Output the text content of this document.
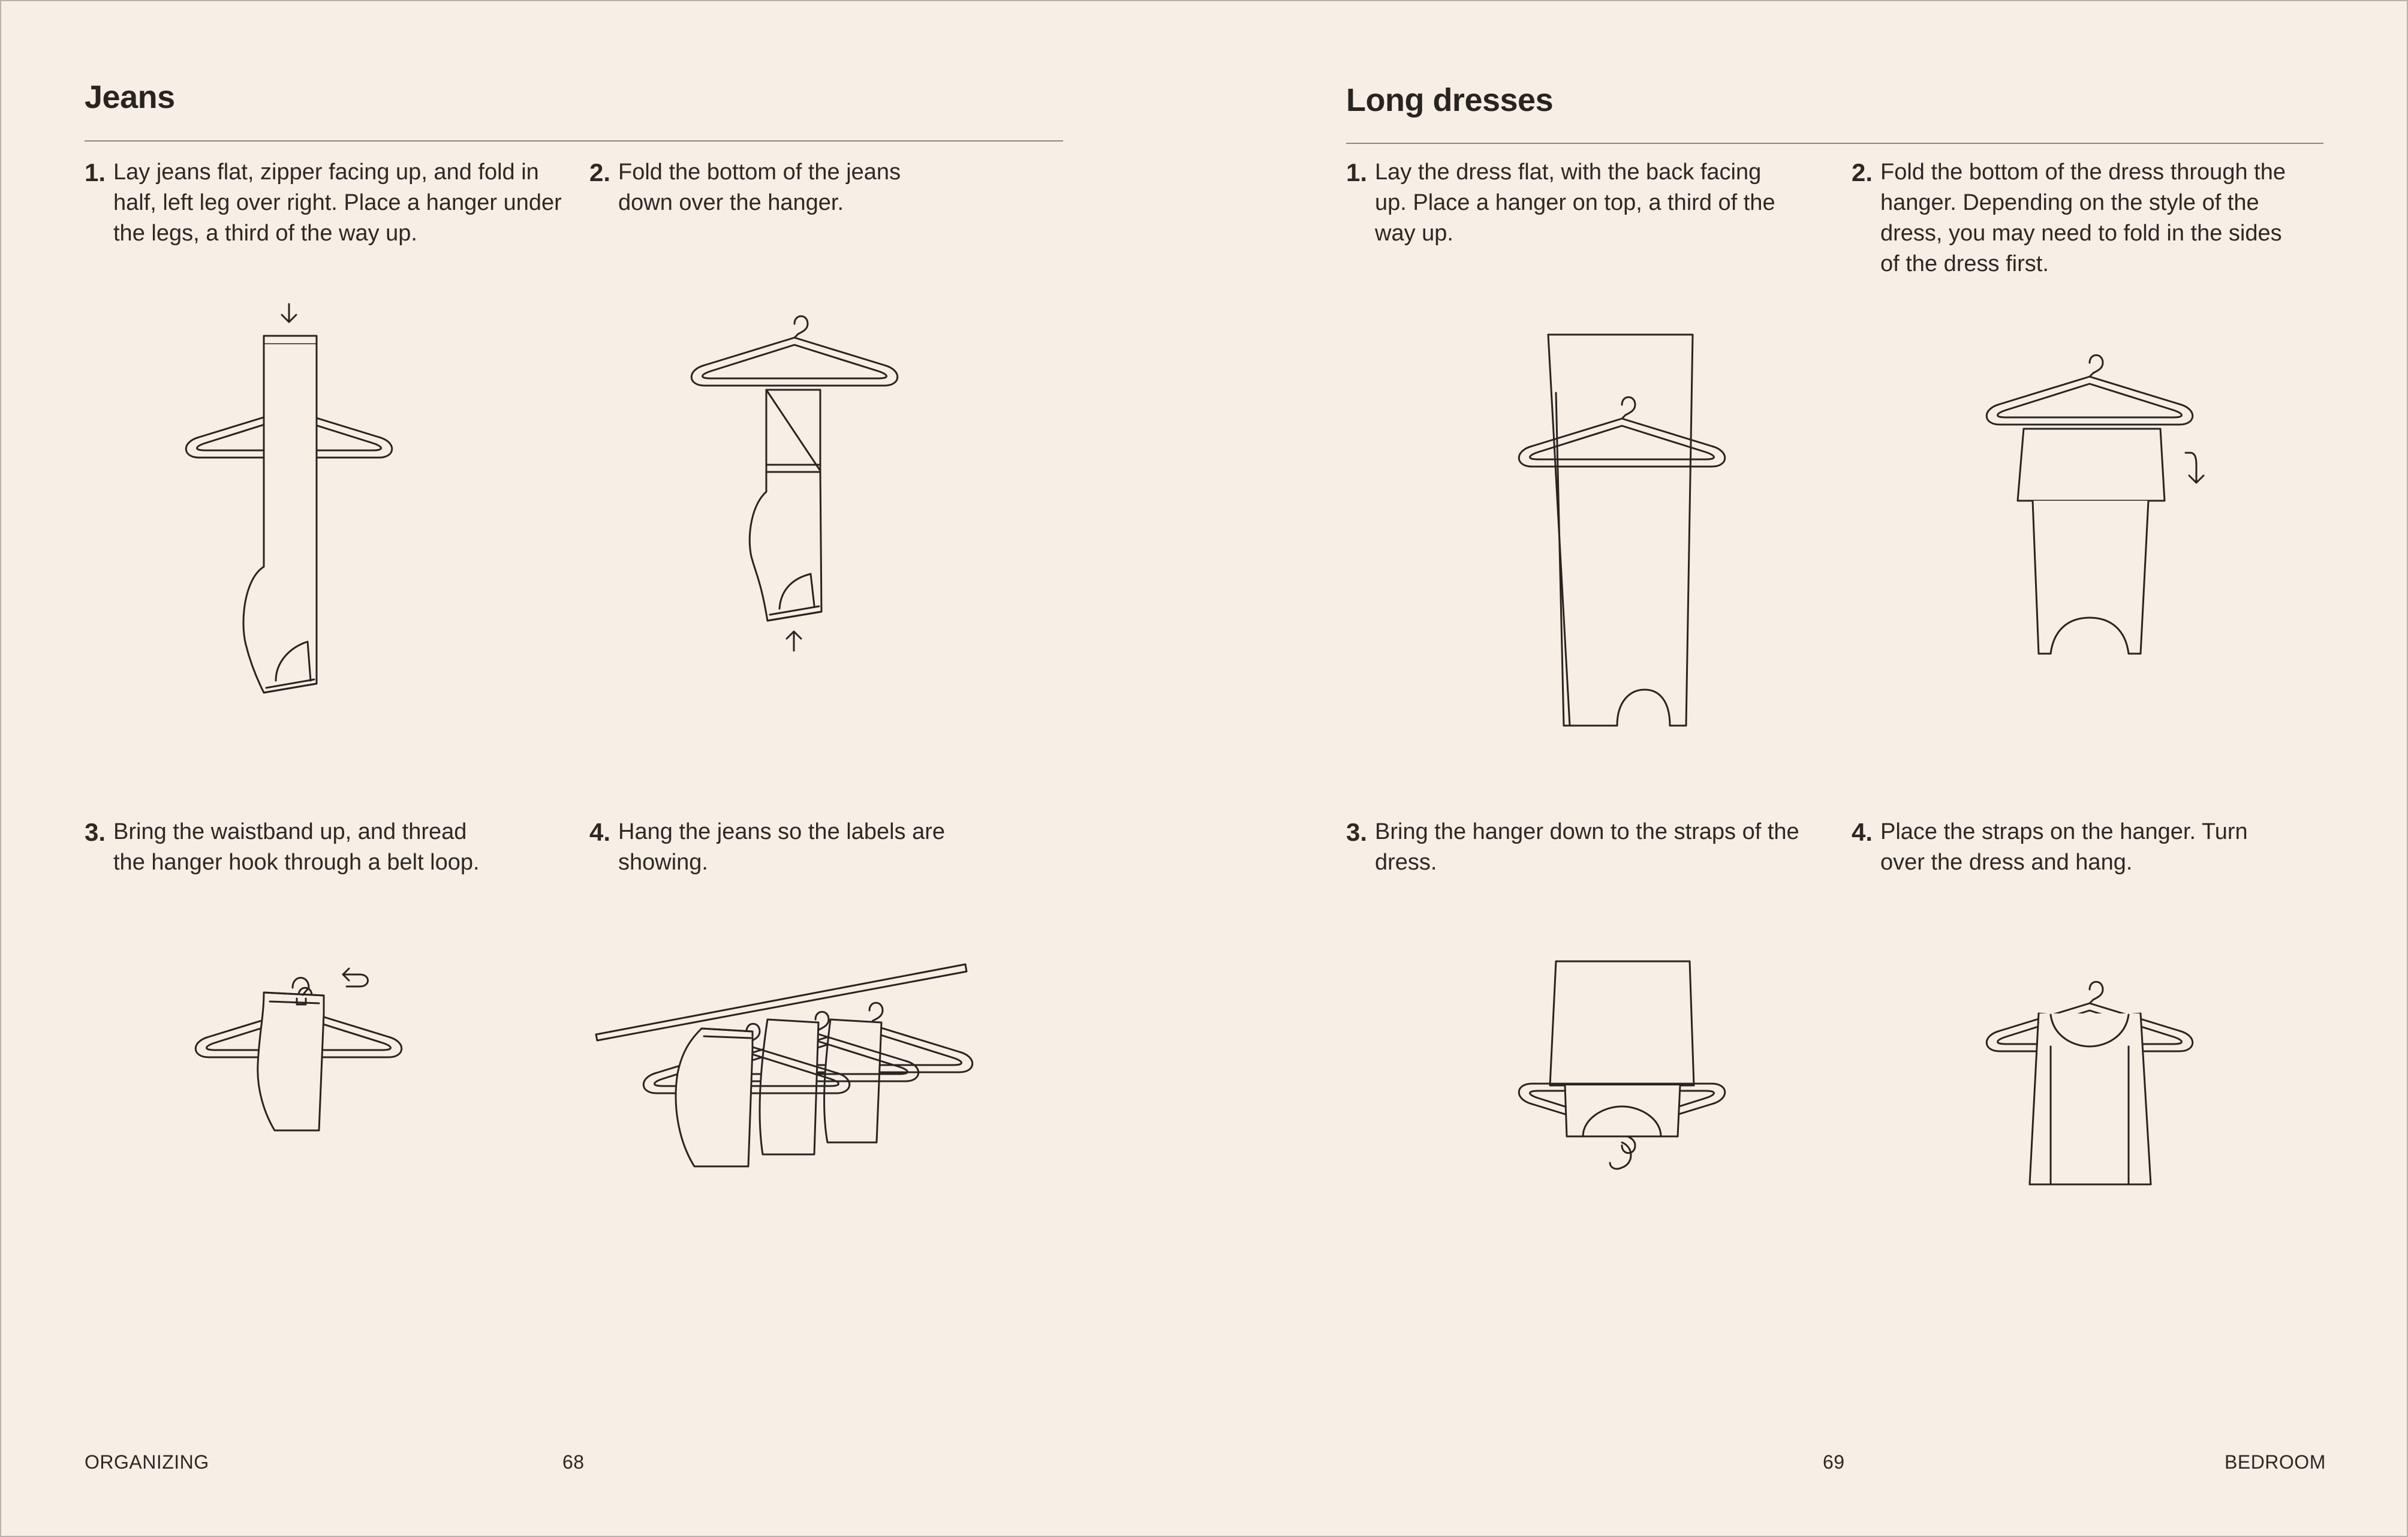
Jeans
1. Lay jeans flat, zipper facing up, and fold in half, left leg over right. Place a hanger under the legs, a third of the way up.
2. Fold the bottom of the jeans down over the hanger.
3. Bring the waistband up, and thread the hanger hook through a belt loop.
4. Hang the jeans so the labels are showing.
Long dresses
1. Lay the dress flat, with the back facing up. Place a hanger on top, a third of the way up.
2. Fold the bottom of the dress through the hanger. Depending on the style of the dress, you may need to fold in the sides of the dress first.
3. Bring the hanger down to the straps of the dress.
4. Place the straps on the hanger. Turn over the dress and hang.
ORGANIZING	68	69	BEDROOM
